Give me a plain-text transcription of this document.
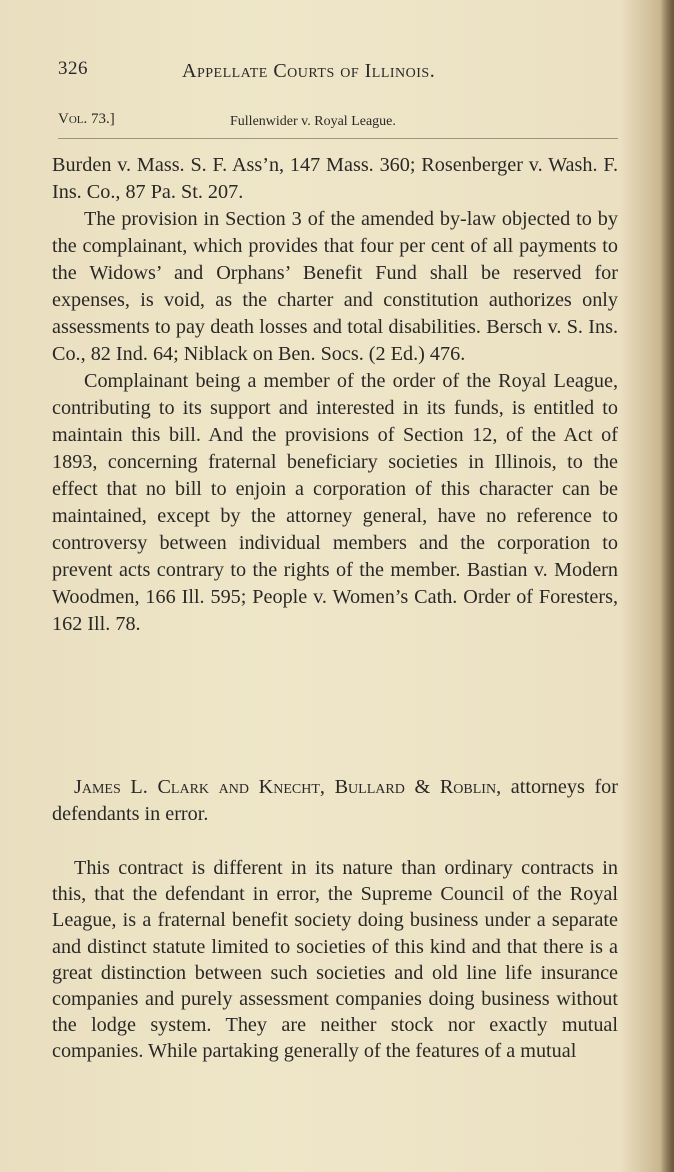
326	Appellate Courts of Illinois.
Vol. 73.]	Fullenwider v. Royal League.

Burden v. Mass. S. F. Ass’n, 147 Mass. 360; Rosenberger v. Wash. F. Ins. Co., 87 Pa. St. 207.

The provision in Section 3 of the amended by-law objected to by the complainant, which provides that four per cent of all payments to the Widows’ and Orphans’ Benefit Fund shall be reserved for expenses, is void, as the charter and constitution authorizes only assessments to pay death losses and total disabilities. Bersch v. S. Ins. Co., 82 Ind. 64; Niblack on Ben. Socs. (2 Ed.) 476.

Complainant being a member of the order of the Royal League, contributing to its support and interested in its funds, is entitled to maintain this bill. And the provisions of Section 12, of the Act of 1893, concerning fraternal beneficiary societies in Illinois, to the effect that no bill to enjoin a corporation of this character can be maintained, except by the attorney general, have no reference to controversy between individual members and the corporation to prevent acts contrary to the rights of the member. Bastian v. Modern Woodmen, 166 Ill. 595; People v. Women’s Cath. Order of Foresters, 162 Ill. 78.

James L. Clark and Knecht, Bullard & Roblin, attorneys for defendants in error.

This contract is different in its nature than ordinary contracts in this, that the defendant in error, the Supreme Council of the Royal League, is a fraternal benefit society doing business under a separate and distinct statute limited to societies of this kind and that there is a great distinction between such societies and old line life insurance companies and purely assessment companies doing business without the lodge system. They are neither stock nor exactly mutual companies. While partaking generally of the features of a mutual
